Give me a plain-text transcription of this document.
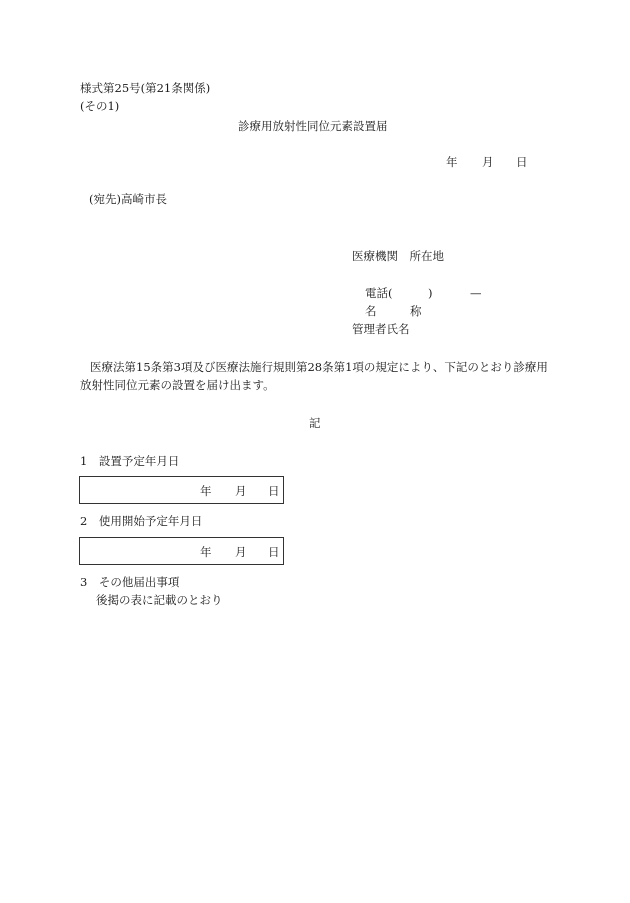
様式第25号(第21条関係)
(その1)
診療用放射性同位元素設置届
年 月 日
(宛先)高崎市長
医療機関　所在地
電話(	)	—
名	称
管理者氏名

医療法第15条第3項及び医療法施行規則第28条第1項の規定により、下記のとおり診療用

放射性同位元素の設置を届け出ます。

記
1　設置予定年月日
年 月 日
2　使用開始予定年月日
年 月 日
3　その他届出事項
後掲の表に記載のとおり
